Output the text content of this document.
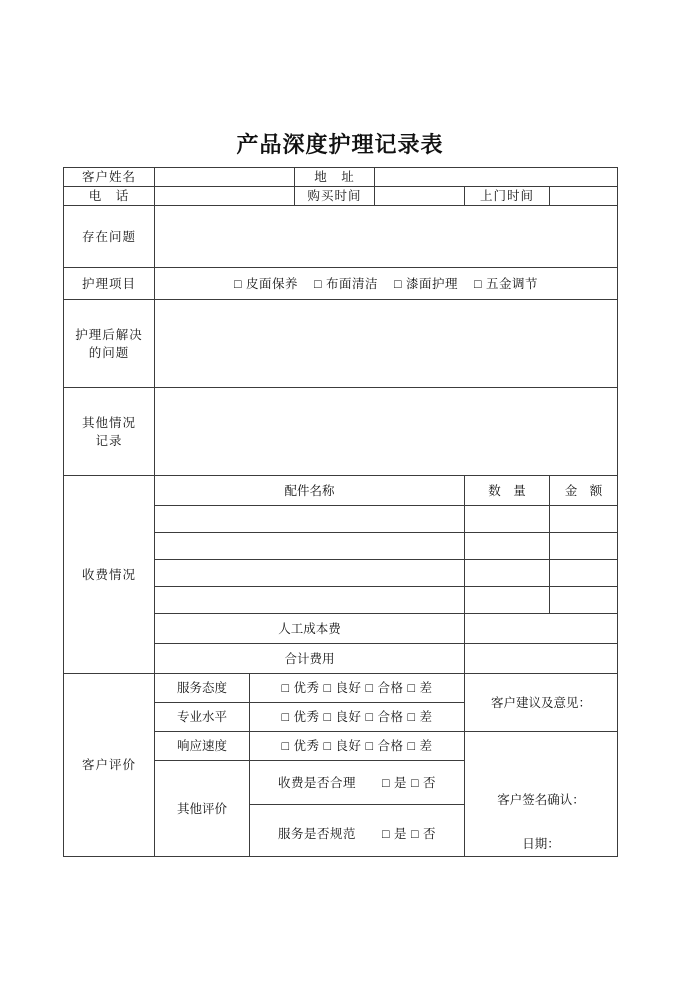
产品深度护理记录表
客户姓名			地　址			
电　话			购买时间		上门时间	
存在问题						
护理项目	□ 皮面保养 □ 布面清洁 □ 漆面护理 □ 五金调节					

护理后解决
的问题						

其他情况
记录						

收费情况	配件名称				数　量	金　额

	人工成本费					
	合计费用					
客户评价	服务态度	□ 优秀 □ 良好 □ 合格 □ 差			客户建议及意见：	
	专业水平	□ 优秀 □ 良好 □ 合格 □ 差				
	响应速度	□ 优秀 □ 良好 □ 合格 □ 差			客户签名确认：
日期：	

	其他评价	收费是否合理　　□ 是 □ 否				

		服务是否规范　　□ 是 □ 否				
